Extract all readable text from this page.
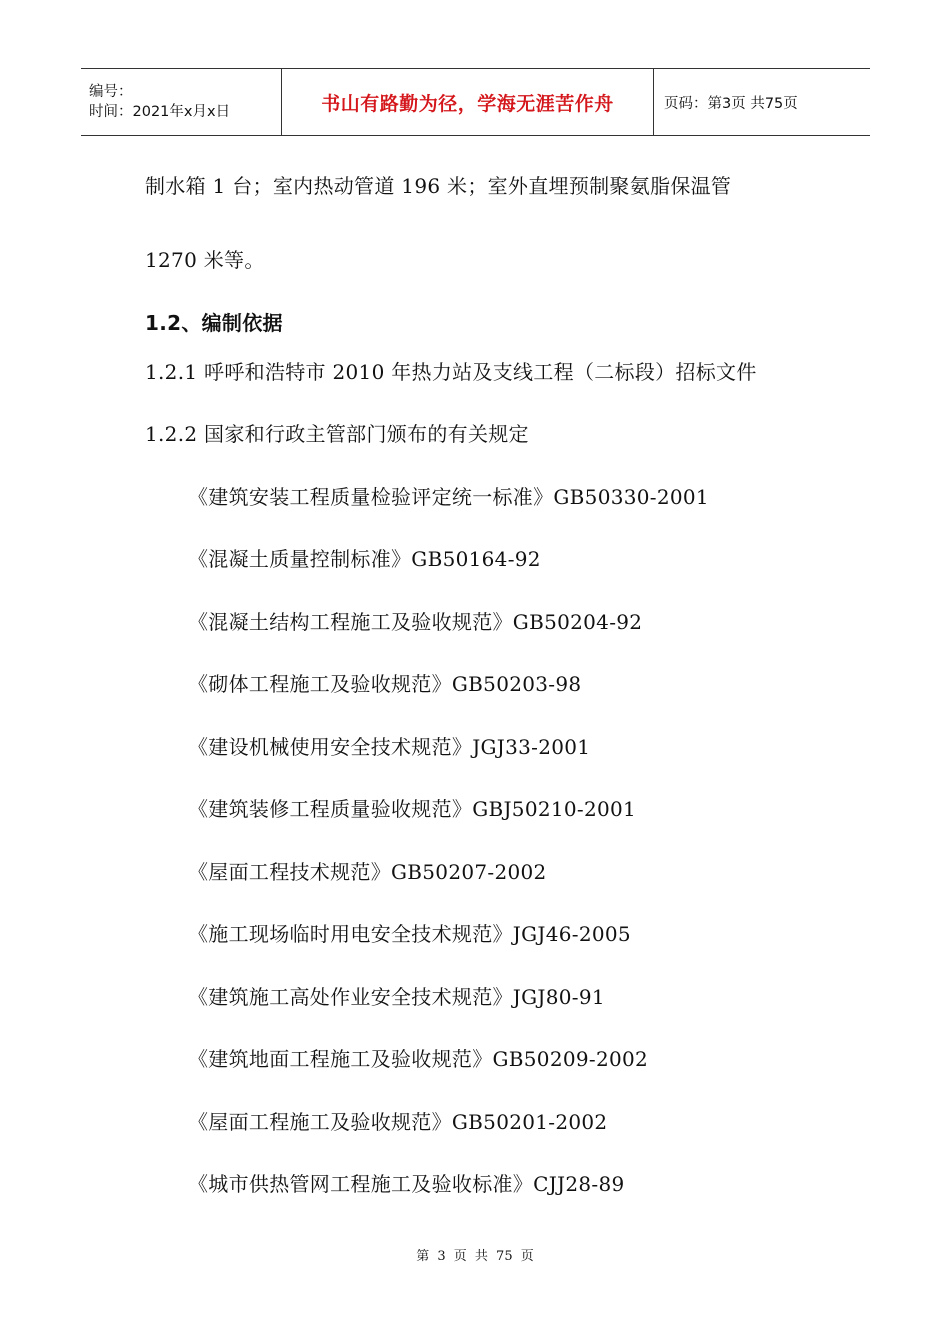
编号：
时间：2021年x月x日	书山有路勤为径，学海无涯苦作舟	页码：第3页 共75页
制水箱 1 台；室内热动管道 196 米；室外直埋预制聚氨脂保温管
1270 米等。
1.2、编制依据
1.2.1 呼呼和浩特市 2010 年热力站及支线工程（二标段）招标文件
1.2.2 国家和行政主管部门颁布的有关规定
《建筑安装工程质量检验评定统一标准》GB50330-2001
《混凝土质量控制标准》GB50164-92
《混凝土结构工程施工及验收规范》GB50204-92
《砌体工程施工及验收规范》GB50203-98
《建设机械使用安全技术规范》JGJ33-2001
《建筑装修工程质量验收规范》GBJ50210-2001
《屋面工程技术规范》GB50207-2002
《施工现场临时用电安全技术规范》JGJ46-2005
《建筑施工高处作业安全技术规范》JGJ80-91
《建筑地面工程施工及验收规范》GB50209-2002
《屋面工程施工及验收规范》GB50201-2002
《城市供热管网工程施工及验收标准》CJJ28-89
第 3 页 共 75 页
